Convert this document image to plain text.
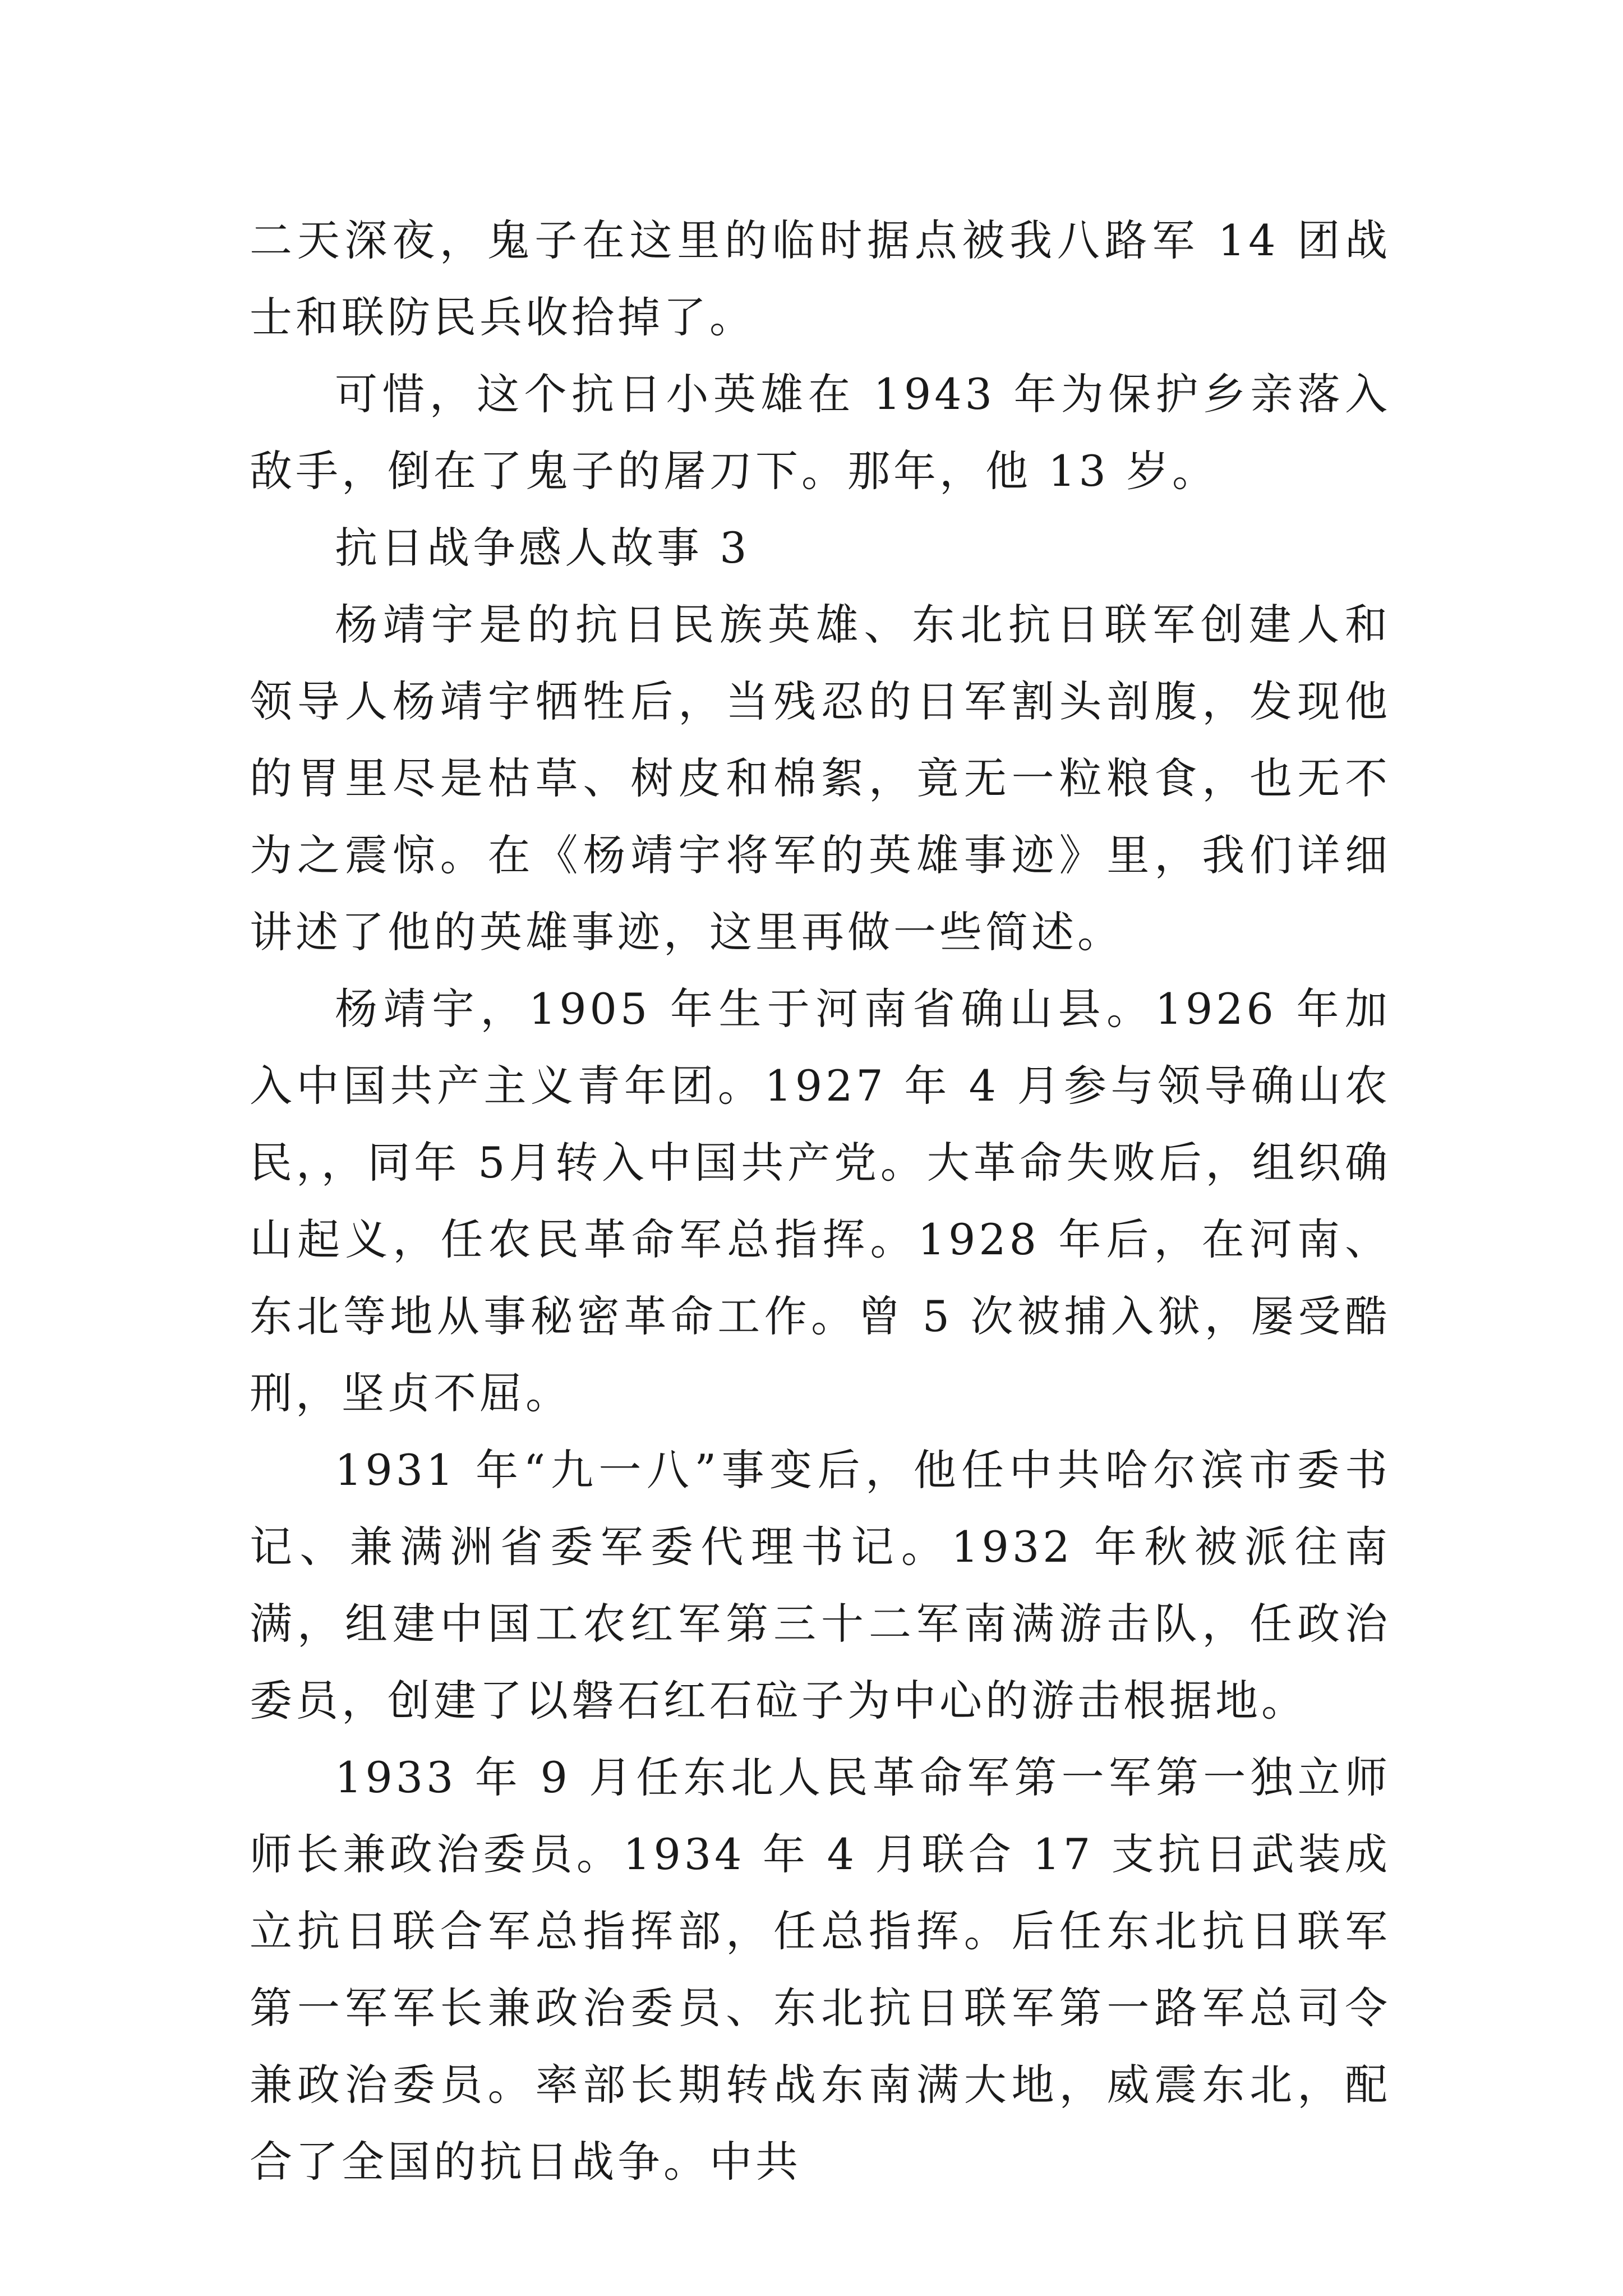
二天深夜，鬼子在这里的临时据点被我八路军 14 团战士和联防民兵收拾掉了。

可惜，这个抗日小英雄在 1943 年为保护乡亲落入敌手，倒在了鬼子的屠刀下。那年，他 13 岁。

抗日战争感人故事 3

杨靖宇是的抗日民族英雄、东北抗日联军创建人和领导人杨靖宇牺牲后，当残忍的日军割头剖腹，发现他的胃里尽是枯草、树皮和棉絮，竟无一粒粮食，也无不为之震惊。在《杨靖宇将军的英雄事迹》里，我们详细讲述了他的英雄事迹，这里再做一些简述。

杨靖宇，1905 年生于河南省确山县。1926 年加入中国共产主义青年团。1927 年 4 月参与领导确山农民，，同年 5月转入中国共产党。大革命失败后，组织确山起义，任农民革命军总指挥。1928 年后，在河南、东北等地从事秘密革命工作。曾 5 次被捕入狱，屡受酷刑，坚贞不屈。

1931 年“九一八”事变后，他任中共哈尔滨市委书记、兼满洲省委军委代理书记。1932 年秋被派往南满，组建中国工农红军第三十二军南满游击队，任政治委员，创建了以磐石红石砬子为中心的游击根据地。

1933 年 9 月任东北人民革命军第一军第一独立师师长兼政治委员。1934 年 4 月联合 17 支抗日武装成立抗日联合军总指挥部，任总指挥。后任东北抗日联军第一军军长兼政治委员、东北抗日联军第一路军总司令兼政治委员。率部长期转战东南满大地，威震东北，配合了全国的抗日战争。中共
